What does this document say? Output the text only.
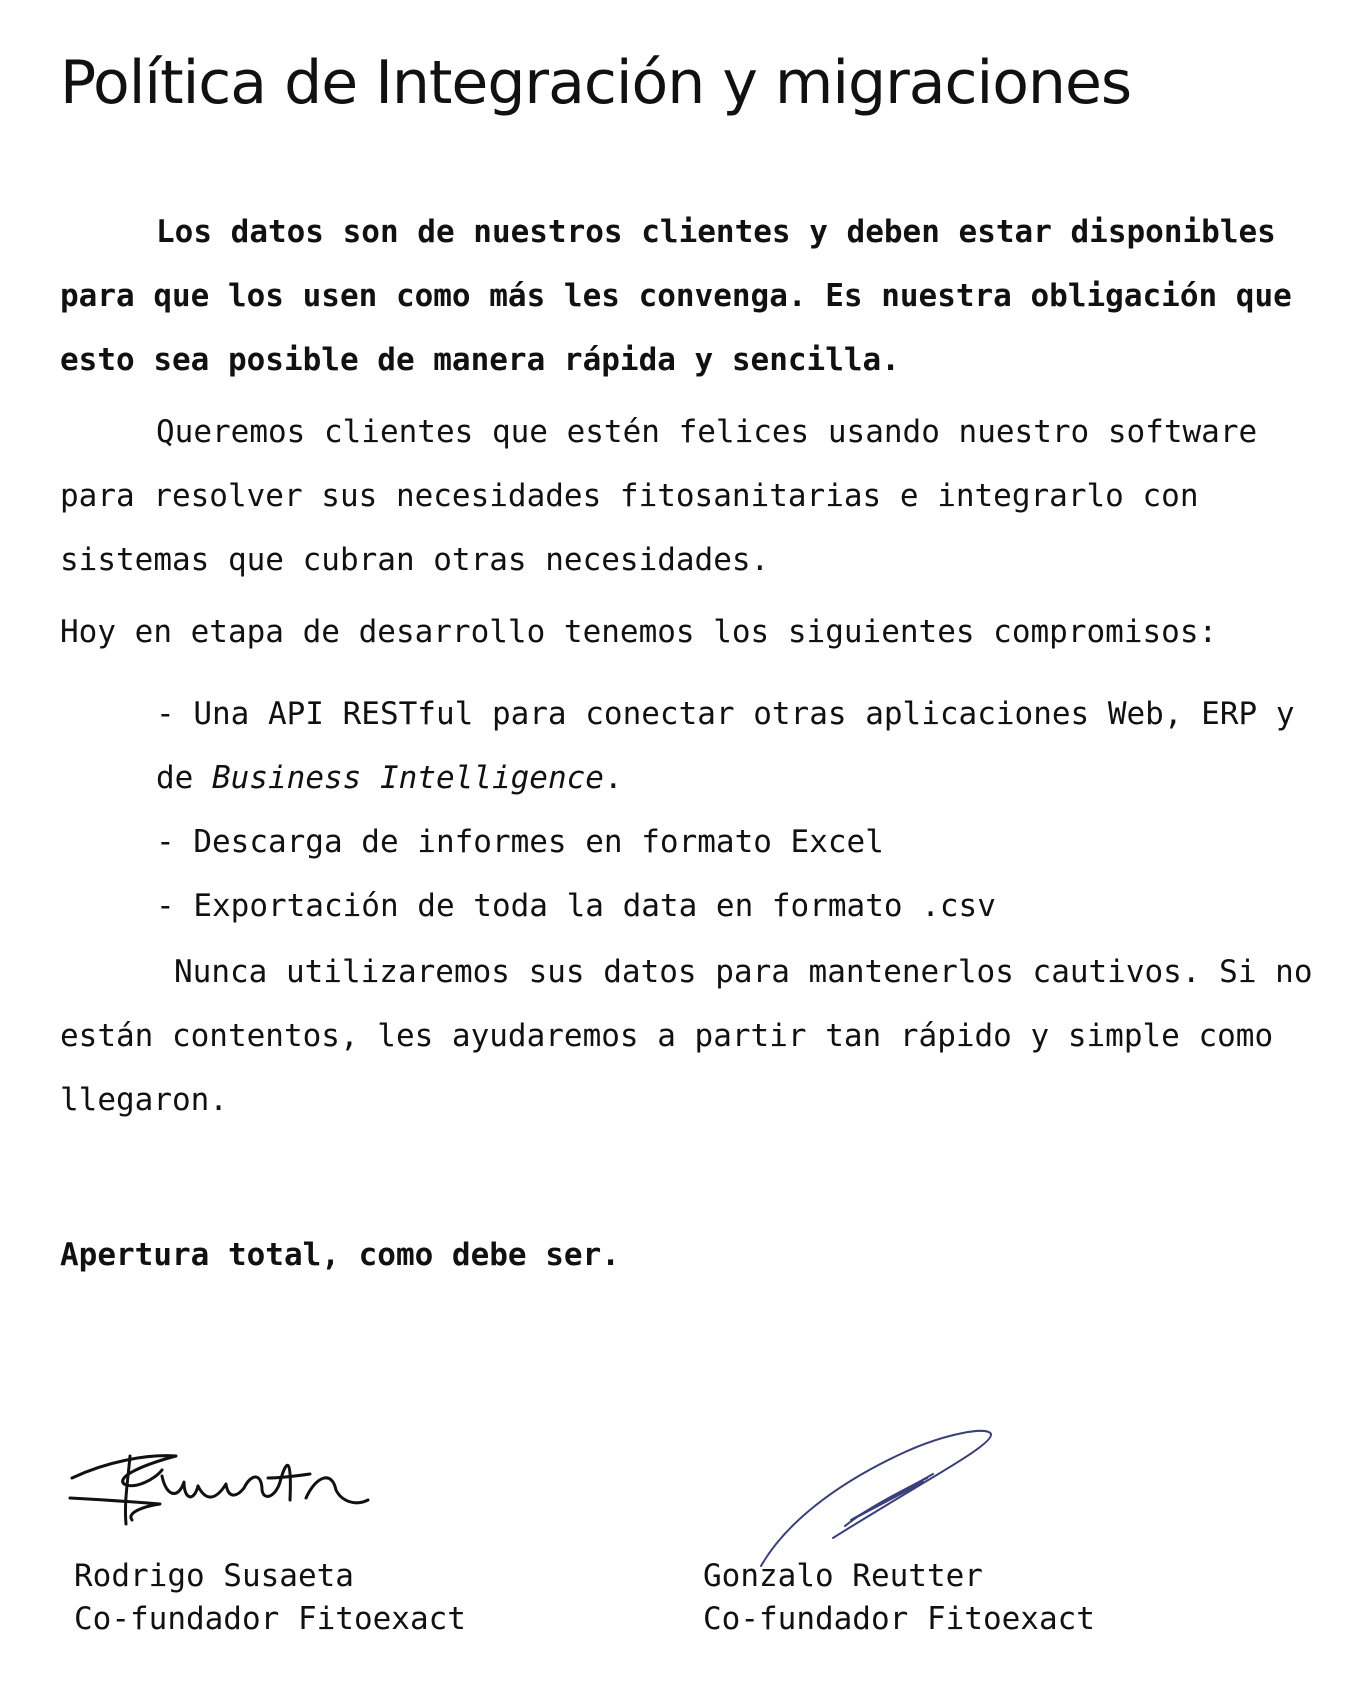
Política de Integración y migraciones

Los datos son de nuestros clientes y deben estar disponibles para que los usen como más les convenga. Es nuestra obligación que esto sea posible de manera rápida y sencilla.

Queremos clientes que estén felices usando nuestro software para resolver sus necesidades fitosanitarias e integrarlo con sistemas que cubran otras necesidades.

Hoy en etapa de desarrollo tenemos los siguientes compromisos:

- Una API RESTful para conectar otras aplicaciones Web, ERP y de Business Intelligence.
- Descarga de informes en formato Excel
- Exportación de toda la data en formato .csv

Nunca utilizaremos sus datos para mantenerlos cautivos. Si no están contentos, les ayudaremos a partir tan rápido y simple como llegaron.

Apertura total, como debe ser.

Rodrigo Susaeta
Co-fundador Fitoexact
Gonzalo Reutter
Co-fundador Fitoexact
